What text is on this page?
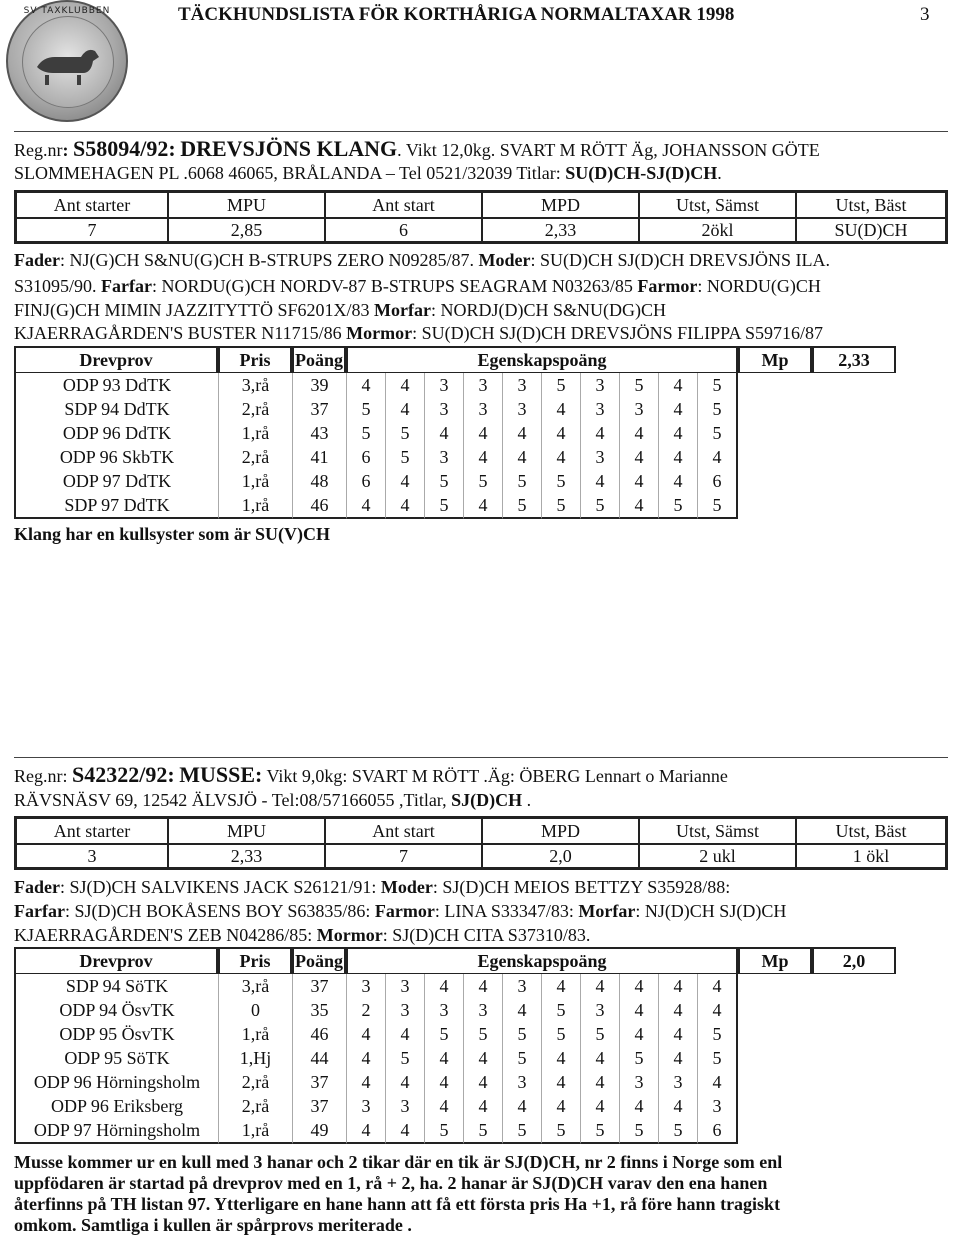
SV TAXKLUBBEN	TÄCKHUNDSLISTA FÖR KORTHÅRIGA NORMALTAXAR 1998	3
Reg.nr: S58094/92: DREVSJÖNS KLANG. Vikt 12,0kg. SVART M RÖTT Äg, JOHANSSON GÖTE
SLOMMEHAGEN PL .6068 46065, BRÅLANDA – Tel 0521/32039 Titlar: SU(D)CH-SJ(D)CH.
Ant starter	MPU	Ant start	MPD	Utst, Sämst	Utst, Bäst
7	2,85	6	2,33	2ökl	SU(D)CH
Fader: NJ(G)CH S&NU(G)CH B-STRUPS ZERO N09285/87. Moder: SU(D)CH SJ(D)CH DREVSJÖNS ILA.
S31095/90. Farfar: NORDU(G)CH NORDV-87 B-STRUPS SEAGRAM N03263/85 Farmor: NORDU(G)CH
FINJ(G)CH MIMIN JAZZITYTTÖ SF6201X/83 Morfar: NORDJ(D)CH S&NU(DG)CH
KJAERRAGÅRDEN'S BUSTER N11715/86 Mormor: SU(D)CH SJ(D)CH DREVSJÖNS FILIPPA S59716/87
Drevprov	Pris	Poäng	Egenskapspoäng										Mp	2,33
ODP 93 DdTK	3,rå	39	4	4	3	3	3	5	3	5	4	5		
SDP 94 DdTK	2,rå	37	5	4	3	3	3	4	3	3	4	5		
ODP 96 DdTK	1,rå	43	5	5	4	4	4	4	4	4	4	5		
ODP 96 SkbTK	2,rå	41	6	5	3	4	4	4	3	4	4	4		
ODP 97 DdTK	1,rå	48	6	4	5	5	5	5	4	4	4	6		
SDP 97 DdTK	1,rå	46	4	4	5	4	5	5	5	4	5	5		
Klang har en kullsyster som är SU(V)CH
Reg.nr: S42322/92: MUSSE: Vikt 9,0kg: SVART M RÖTT .Äg: ÖBERG Lennart o Marianne
RÄVSNÄSV 69, 12542 ÄLVSJÖ - Tel:08/57166055 ,Titlar, SJ(D)CH .
Ant starter	MPU	Ant start	MPD	Utst, Sämst	Utst, Bäst
3	2,33	7	2,0	2 ukl	1 ökl
Fader: SJ(D)CH SALVIKENS JACK S26121/91: Moder: SJ(D)CH MEIOS BETTZY S35928/88:
Farfar: SJ(D)CH BOKÅSENS BOY S63835/86: Farmor: LINA S33347/83: Morfar: NJ(D)CH SJ(D)CH
KJAERRAGÅRDEN'S ZEB N04286/85: Mormor: SJ(D)CH CITA S37310/83.
Drevprov	Pris	Poäng	Egenskapspoäng										Mp	2,0
SDP 94 SöTK	3,rå	37	3	3	4	4	3	4	4	4	4	4		
ODP 94 ÖsvTK	0	35	2	3	3	3	4	5	3	4	4	4		
ODP 95 ÖsvTK	1,rå	46	4	4	5	5	5	5	5	4	4	5		
ODP 95 SöTK	1,Hj	44	4	5	4	4	5	4	4	5	4	5		
ODP 96 Hörningsholm	2,rå	37	4	4	4	4	3	4	4	3	3	4		
ODP 96 Eriksberg	2,rå	37	3	3	4	4	4	4	4	4	4	3		
ODP 97 Hörningsholm	1,rå	49	4	4	5	5	5	5	5	5	5	6		
Musse kommer ur en kull med 3 hanar och 2 tikar där en tik är SJ(D)CH, nr 2 finns i Norge som enl
uppfödaren är startad på drevprov med en 1, rå + 2, ha. 2 hanar är SJ(D)CH varav den ena hanen
återfinns på TH listan 97. Ytterligare en hane hann att få ett första pris Ha +1, rå före hann tragiskt
omkom. Samtliga i kullen är spårprovs meriterade .
